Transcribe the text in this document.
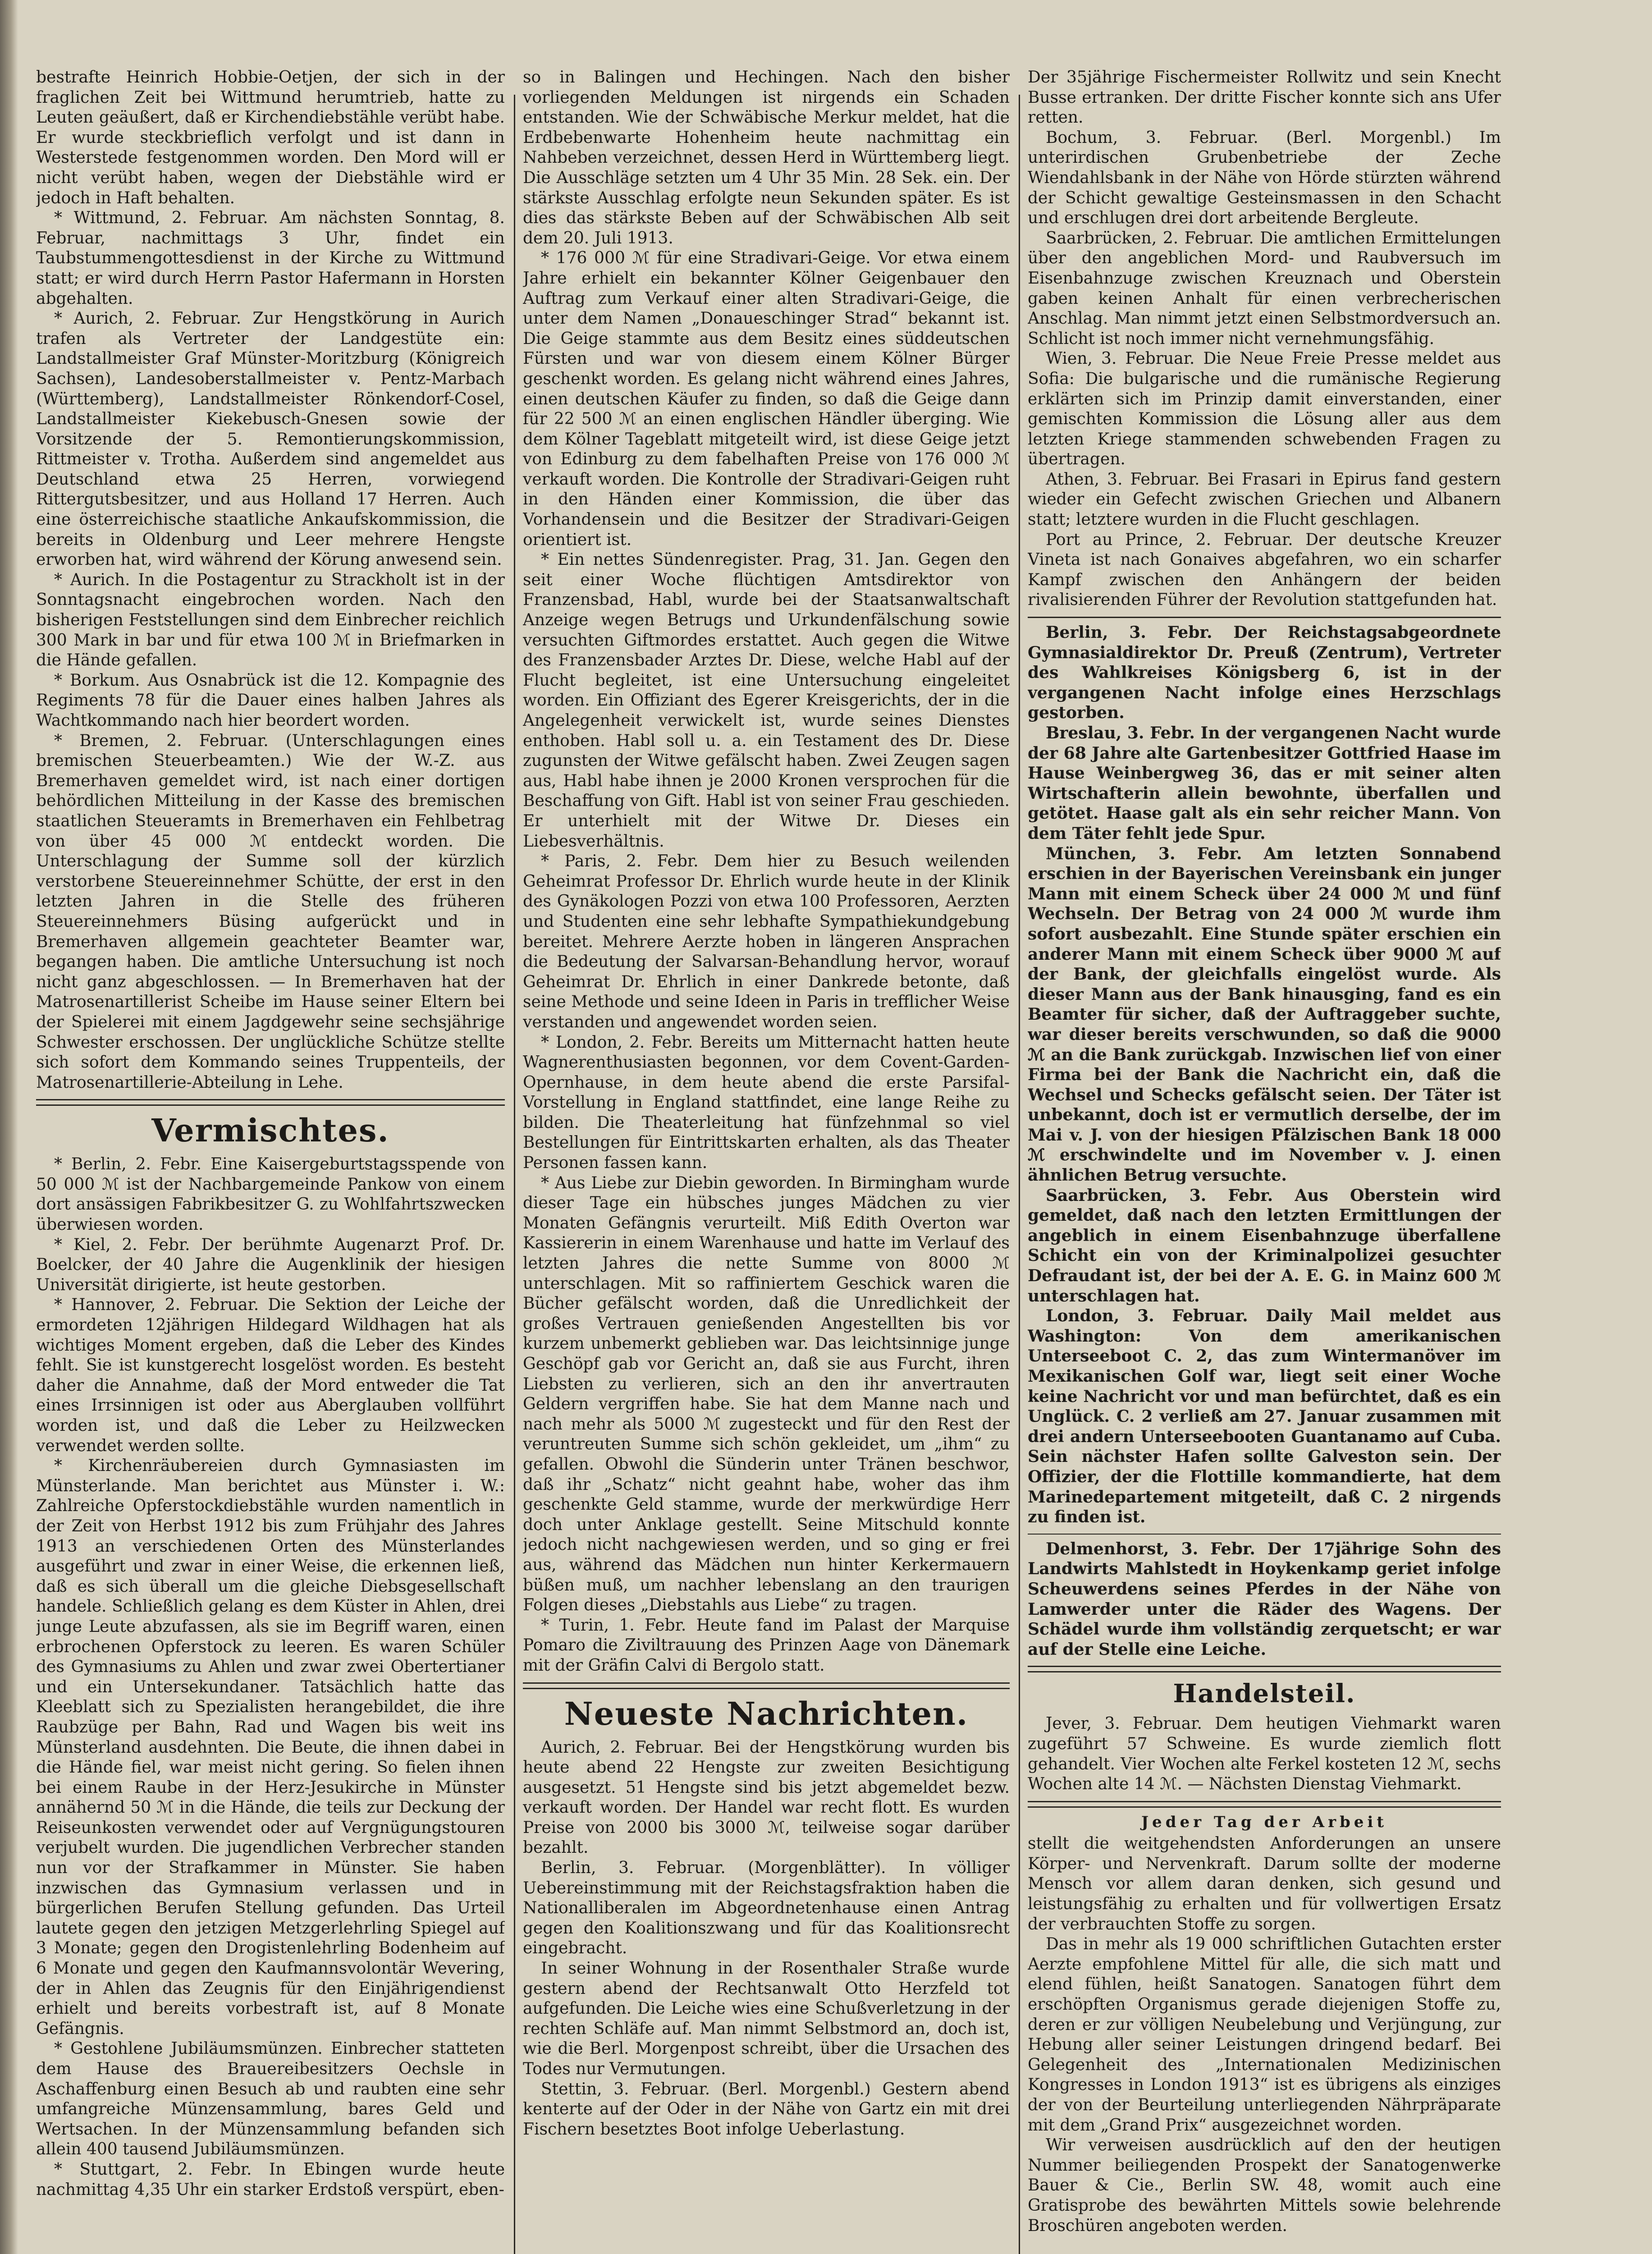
bestrafte Heinrich Hobbie-Oetjen, der sich in der fraglichen Zeit bei Wittmund herumtrieb, hatte zu Leuten geäußert, daß er Kirchendiebstähle verübt habe. Er wurde steckbrieflich verfolgt und ist dann in Westerstede festgenommen worden. Den Mord will er nicht verübt haben, wegen der Diebstähle wird er jedoch in Haft behalten.

* Wittmund, 2. Februar. Am nächsten Sonntag, 8. Februar, nachmittags 3 Uhr, findet ein Taubstummengottesdienst in der Kirche zu Wittmund statt; er wird durch Herrn Pastor Hafermann in Horsten abgehalten.

* Aurich, 2. Februar. Zur Hengstkörung in Aurich trafen als Vertreter der Landgestüte ein: Landstallmeister Graf Münster-Moritzburg (Königreich Sachsen), Landesoberstallmeister v. Pentz-Marbach (Württemberg), Landstallmeister Rönkendorf-Cosel, Landstallmeister Kiekebusch-Gnesen sowie der Vorsitzende der 5. Remontierungskommission, Rittmeister v. Trotha. Außerdem sind angemeldet aus Deutschland etwa 25 Herren, vorwiegend Rittergutsbesitzer, und aus Holland 17 Herren. Auch eine österreichische staatliche Ankaufskommission, die bereits in Oldenburg und Leer mehrere Hengste erworben hat, wird während der Körung anwesend sein.

* Aurich. In die Postagentur zu Strackholt ist in der Sonntagsnacht eingebrochen worden. Nach den bisherigen Feststellungen sind dem Einbrecher reichlich 300 Mark in bar und für etwa 100 ℳ in Briefmarken in die Hände gefallen.

* Borkum. Aus Osnabrück ist die 12. Kompagnie des Regiments 78 für die Dauer eines halben Jahres als Wachtkommando nach hier beordert worden.

* Bremen, 2. Februar. (Unterschlagungen eines bremischen Steuerbeamten.) Wie der W.-Z. aus Bremerhaven gemeldet wird, ist nach einer dortigen behördlichen Mitteilung in der Kasse des bremischen staatlichen Steueramts in Bremerhaven ein Fehlbetrag von über 45 000 ℳ entdeckt worden. Die Unterschlagung der Summe soll der kürzlich verstorbene Steuereinnehmer Schütte, der erst in den letzten Jahren in die Stelle des früheren Steuereinnehmers Büsing aufgerückt und in Bremerhaven allgemein geachteter Beamter war, begangen haben. Die amtliche Untersuchung ist noch nicht ganz abgeschlossen. — In Bremerhaven hat der Matrosenartillerist Scheibe im Hause seiner Eltern bei der Spielerei mit einem Jagdgewehr seine sechsjährige Schwester erschossen. Der unglückliche Schütze stellte sich sofort dem Kommando seines Truppenteils, der Matrosenartillerie-Abteilung in Lehe.

Vermischtes.

* Berlin, 2. Febr. Eine Kaisergeburtstagsspende von 50 000 ℳ ist der Nachbargemeinde Pankow von einem dort ansässigen Fabrikbesitzer G. zu Wohlfahrtszwecken überwiesen worden.

* Kiel, 2. Febr. Der berühmte Augenarzt Prof. Dr. Boelcker, der 40 Jahre die Augenklinik der hiesigen Universität dirigierte, ist heute gestorben.

* Hannover, 2. Februar. Die Sektion der Leiche der ermordeten 12jährigen Hildegard Wildhagen hat als wichtiges Moment ergeben, daß die Leber des Kindes fehlt. Sie ist kunstgerecht losgelöst worden. Es besteht daher die Annahme, daß der Mord entweder die Tat eines Irrsinnigen ist oder aus Aberglauben vollführt worden ist, und daß die Leber zu Heilzwecken verwendet werden sollte.

* Kirchenräubereien durch Gymnasiasten im Münsterlande. Man berichtet aus Münster i. W.: Zahlreiche Opferstockdiebstähle wurden namentlich in der Zeit von Herbst 1912 bis zum Frühjahr des Jahres 1913 an verschiedenen Orten des Münsterlandes ausgeführt und zwar in einer Weise, die erkennen ließ, daß es sich überall um die gleiche Diebsgesellschaft handele. Schließlich gelang es dem Küster in Ahlen, drei junge Leute abzufassen, als sie im Begriff waren, einen erbrochenen Opferstock zu leeren. Es waren Schüler des Gymnasiums zu Ahlen und zwar zwei Obertertianer und ein Untersekundaner. Tatsächlich hatte das Kleeblatt sich zu Spezialisten herangebildet, die ihre Raubzüge per Bahn, Rad und Wagen bis weit ins Münsterland ausdehnten. Die Beute, die ihnen dabei in die Hände fiel, war meist nicht gering. So fielen ihnen bei einem Raube in der Herz-Jesukirche in Münster annähernd 50 ℳ in die Hände, die teils zur Deckung der Reiseunkosten verwendet oder auf Vergnügungstouren verjubelt wurden. Die jugendlichen Verbrecher standen nun vor der Strafkammer in Münster. Sie haben inzwischen das Gymnasium verlassen und in bürgerlichen Berufen Stellung gefunden. Das Urteil lautete gegen den jetzigen Metzgerlehrling Spiegel auf 3 Monate; gegen den Drogistenlehrling Bodenheim auf 6 Monate und gegen den Kaufmannsvolontär Wevering, der in Ahlen das Zeugnis für den Einjährigendienst erhielt und bereits vorbestraft ist, auf 8 Monate Gefängnis.

* Gestohlene Jubiläumsmünzen. Einbrecher statteten dem Hause des Brauereibesitzers Oechsle in Aschaffenburg einen Besuch ab und raubten eine sehr umfangreiche Münzensammlung, bares Geld und Wertsachen. In der Münzensammlung befanden sich allein 400 tausend Jubiläumsmünzen.

* Stuttgart, 2. Febr. In Ebingen wurde heute nachmittag 4,35 Uhr ein starker Erdstoß verspürt, eben-

so in Balingen und Hechingen. Nach den bisher vorliegenden Meldungen ist nirgends ein Schaden entstanden. Wie der Schwäbische Merkur meldet, hat die Erdbebenwarte Hohenheim heute nachmittag ein Nahbeben verzeichnet, dessen Herd in Württemberg liegt. Die Ausschläge setzten um 4 Uhr 35 Min. 28 Sek. ein. Der stärkste Ausschlag erfolgte neun Sekunden später. Es ist dies das stärkste Beben auf der Schwäbischen Alb seit dem 20. Juli 1913.

* 176 000 ℳ für eine Stradivari-Geige. Vor etwa einem Jahre erhielt ein bekannter Kölner Geigenbauer den Auftrag zum Verkauf einer alten Stradivari-Geige, die unter dem Namen „Donaueschinger Strad“ bekannt ist. Die Geige stammte aus dem Besitz eines süddeutschen Fürsten und war von diesem einem Kölner Bürger geschenkt worden. Es gelang nicht während eines Jahres, einen deutschen Käufer zu finden, so daß die Geige dann für 22 500 ℳ an einen englischen Händler überging. Wie dem Kölner Tageblatt mitgeteilt wird, ist diese Geige jetzt von Edinburg zu dem fabelhaften Preise von 176 000 ℳ verkauft worden. Die Kontrolle der Stradivari-Geigen ruht in den Händen einer Kommission, die über das Vorhandensein und die Besitzer der Stradivari-Geigen orientiert ist.

* Ein nettes Sündenregister. Prag, 31. Jan. Gegen den seit einer Woche flüchtigen Amtsdirektor von Franzensbad, Habl, wurde bei der Staatsanwaltschaft Anzeige wegen Betrugs und Urkundenfälschung sowie versuchten Giftmordes erstattet. Auch gegen die Witwe des Franzensbader Arztes Dr. Diese, welche Habl auf der Flucht begleitet, ist eine Untersuchung eingeleitet worden. Ein Offiziant des Egerer Kreisgerichts, der in die Angelegenheit verwickelt ist, wurde seines Dienstes enthoben. Habl soll u. a. ein Testament des Dr. Diese zugunsten der Witwe gefälscht haben. Zwei Zeugen sagen aus, Habl habe ihnen je 2000 Kronen versprochen für die Beschaffung von Gift. Habl ist von seiner Frau geschieden. Er unterhielt mit der Witwe Dr. Dieses ein Liebesverhältnis.

* Paris, 2. Febr. Dem hier zu Besuch weilenden Geheimrat Professor Dr. Ehrlich wurde heute in der Klinik des Gynäkologen Pozzi von etwa 100 Professoren, Aerzten und Studenten eine sehr lebhafte Sympathiekundgebung bereitet. Mehrere Aerzte hoben in längeren Ansprachen die Bedeutung der Salvarsan-Behandlung hervor, worauf Geheimrat Dr. Ehrlich in einer Dankrede betonte, daß seine Methode und seine Ideen in Paris in trefflicher Weise verstanden und angewendet worden seien.

* London, 2. Febr. Bereits um Mitternacht hatten heute Wagnerenthusiasten begonnen, vor dem Covent-Garden-Opernhause, in dem heute abend die erste Parsifal-Vorstellung in England stattfindet, eine lange Reihe zu bilden. Die Theaterleitung hat fünfzehnmal so viel Bestellungen für Eintrittskarten erhalten, als das Theater Personen fassen kann.

* Aus Liebe zur Diebin geworden. In Birmingham wurde dieser Tage ein hübsches junges Mädchen zu vier Monaten Gefängnis verurteilt. Miß Edith Overton war Kassiererin in einem Warenhause und hatte im Verlauf des letzten Jahres die nette Summe von 8000 ℳ unterschlagen. Mit so raffiniertem Geschick waren die Bücher gefälscht worden, daß die Unredlichkeit der großes Vertrauen genießenden Angestellten bis vor kurzem unbemerkt geblieben war. Das leichtsinnige junge Geschöpf gab vor Gericht an, daß sie aus Furcht, ihren Liebsten zu verlieren, sich an den ihr anvertrauten Geldern vergriffen habe. Sie hat dem Manne nach und nach mehr als 5000 ℳ zugesteckt und für den Rest der veruntreuten Summe sich schön gekleidet, um „ihm“ zu gefallen. Obwohl die Sünderin unter Tränen beschwor, daß ihr „Schatz“ nicht geahnt habe, woher das ihm geschenkte Geld stamme, wurde der merkwürdige Herr doch unter Anklage gestellt. Seine Mitschuld konnte jedoch nicht nachgewiesen werden, und so ging er frei aus, während das Mädchen nun hinter Kerkermauern büßen muß, um nachher lebenslang an den traurigen Folgen dieses „Diebstahls aus Liebe“ zu tragen.

* Turin, 1. Febr. Heute fand im Palast der Marquise Pomaro die Ziviltrauung des Prinzen Aage von Dänemark mit der Gräfin Calvi di Bergolo statt.

Neueste Nachrichten.

Aurich, 2. Februar. Bei der Hengstkörung wurden bis heute abend 22 Hengste zur zweiten Besichtigung ausgesetzt. 51 Hengste sind bis jetzt abgemeldet bezw. verkauft worden. Der Handel war recht flott. Es wurden Preise von 2000 bis 3000 ℳ, teilweise sogar darüber bezahlt.

Berlin, 3. Februar. (Morgenblätter). In völliger Uebereinstimmung mit der Reichstagsfraktion haben die Nationalliberalen im Abgeordnetenhause einen Antrag gegen den Koalitionszwang und für das Koalitionsrecht eingebracht.

In seiner Wohnung in der Rosenthaler Straße wurde gestern abend der Rechtsanwalt Otto Herzfeld tot aufgefunden. Die Leiche wies eine Schußverletzung in der rechten Schläfe auf. Man nimmt Selbstmord an, doch ist, wie die Berl. Morgenpost schreibt, über die Ursachen des Todes nur Vermutungen.

Stettin, 3. Februar. (Berl. Morgenbl.) Gestern abend kenterte auf der Oder in der Nähe von Gartz ein mit drei Fischern besetztes Boot infolge Ueberlastung.

Der 35jährige Fischermeister Rollwitz und sein Knecht Busse ertranken. Der dritte Fischer konnte sich ans Ufer retten.

Bochum, 3. Februar. (Berl. Morgenbl.) Im unterirdischen Grubenbetriebe der Zeche Wiendahlsbank in der Nähe von Hörde stürzten während der Schicht gewaltige Gesteinsmassen in den Schacht und erschlugen drei dort arbeitende Bergleute.

Saarbrücken, 2. Februar. Die amtlichen Ermittelungen über den angeblichen Mord- und Raubversuch im Eisenbahnzuge zwischen Kreuznach und Oberstein gaben keinen Anhalt für einen verbrecherischen Anschlag. Man nimmt jetzt einen Selbstmordversuch an. Schlicht ist noch immer nicht vernehmungsfähig.

Wien, 3. Februar. Die Neue Freie Presse meldet aus Sofia: Die bulgarische und die rumänische Regierung erklärten sich im Prinzip damit einverstanden, einer gemischten Kommission die Lösung aller aus dem letzten Kriege stammenden schwebenden Fragen zu übertragen.

Athen, 3. Februar. Bei Frasari in Epirus fand gestern wieder ein Gefecht zwischen Griechen und Albanern statt; letztere wurden in die Flucht geschlagen.

Port au Prince, 2. Februar. Der deutsche Kreuzer Vineta ist nach Gonaives abgefahren, wo ein scharfer Kampf zwischen den Anhängern der beiden rivalisierenden Führer der Revolution stattgefunden hat.

Berlin, 3. Febr. Der Reichstagsabgeordnete Gymnasialdirektor Dr. Preuß (Zentrum), Vertreter des Wahlkreises Königsberg 6, ist in der vergangenen Nacht infolge eines Herzschlags gestorben.

Breslau, 3. Febr. In der vergangenen Nacht wurde der 68 Jahre alte Gartenbesitzer Gottfried Haase im Hause Weinbergweg 36, das er mit seiner alten Wirtschafterin allein bewohnte, überfallen und getötet. Haase galt als ein sehr reicher Mann. Von dem Täter fehlt jede Spur.

München, 3. Febr. Am letzten Sonnabend erschien in der Bayerischen Vereinsbank ein junger Mann mit einem Scheck über 24 000 ℳ und fünf Wechseln. Der Betrag von 24 000 ℳ wurde ihm sofort ausbezahlt. Eine Stunde später erschien ein anderer Mann mit einem Scheck über 9000 ℳ auf der Bank, der gleichfalls eingelöst wurde. Als dieser Mann aus der Bank hinausging, fand es ein Beamter für sicher, daß der Auftraggeber suchte, war dieser bereits verschwunden, so daß die 9000 ℳ an die Bank zurückgab. Inzwischen lief von einer Firma bei der Bank die Nachricht ein, daß die Wechsel und Schecks gefälscht seien. Der Täter ist unbekannt, doch ist er vermutlich derselbe, der im Mai v. J. von der hiesigen Pfälzischen Bank 18 000 ℳ erschwindelte und im November v. J. einen ähnlichen Betrug versuchte.

Saarbrücken, 3. Febr. Aus Oberstein wird gemeldet, daß nach den letzten Ermittlungen der angeblich in einem Eisenbahnzuge überfallene Schicht ein von der Kriminalpolizei gesuchter Defraudant ist, der bei der A. E. G. in Mainz 600 ℳ unterschlagen hat.

London, 3. Februar. Daily Mail meldet aus Washington: Von dem amerikanischen Unterseeboot C. 2, das zum Wintermanöver im Mexikanischen Golf war, liegt seit einer Woche keine Nachricht vor und man befürchtet, daß es ein Unglück. C. 2 verließ am 27. Januar zusammen mit drei andern Unterseebooten Guantanamo auf Cuba. Sein nächster Hafen sollte Galveston sein. Der Offizier, der die Flottille kommandierte, hat dem Marinedepartement mitgeteilt, daß C. 2 nirgends zu finden ist.

Delmenhorst, 3. Febr. Der 17jährige Sohn des Landwirts Mahlstedt in Hoykenkamp geriet infolge Scheuwerdens seines Pferdes in der Nähe von Lamwerder unter die Räder des Wagens. Der Schädel wurde ihm vollständig zerquetscht; er war auf der Stelle eine Leiche.

Handelsteil.

Jever, 3. Februar. Dem heutigen Viehmarkt waren zugeführt 57 Schweine. Es wurde ziemlich flott gehandelt. Vier Wochen alte Ferkel kosteten 12 ℳ, sechs Wochen alte 14 ℳ. — Nächsten Dienstag Viehmarkt.

Jeder Tag der Arbeit

stellt die weitgehendsten Anforderungen an unsere Körper- und Nervenkraft. Darum sollte der moderne Mensch vor allem daran denken, sich gesund und leistungsfähig zu erhalten und für vollwertigen Ersatz der verbrauchten Stoffe zu sorgen.

Das in mehr als 19 000 schriftlichen Gutachten erster Aerzte empfohlene Mittel für alle, die sich matt und elend fühlen, heißt Sanatogen. Sanatogen führt dem erschöpften Organismus gerade diejenigen Stoffe zu, deren er zur völligen Neubelebung und Verjüngung, zur Hebung aller seiner Leistungen dringend bedarf. Bei Gelegenheit des „Internationalen Medizinischen Kongresses in London 1913“ ist es übrigens als einziges der von der Beurteilung unterliegenden Nährpräparate mit dem „Grand Prix“ ausgezeichnet worden.

Wir verweisen ausdrücklich auf den der heutigen Nummer beiliegenden Prospekt der Sanatogenwerke Bauer & Cie., Berlin SW. 48, womit auch eine Gratisprobe des bewährten Mittels sowie belehrende Broschüren angeboten werden.
